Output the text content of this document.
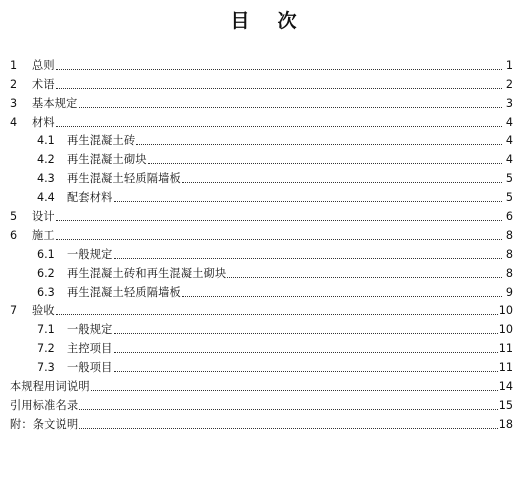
目次
1	总则	1
2	术语	2
3	基本规定	3
4	材料	4
4.1	再生混凝土砖	4
4.2	再生混凝土砌块	4
4.3	再生混凝土轻质隔墙板	5
4.4	配套材料	5
5	设计	6
6	施工	8
6.1	一般规定	8
6.2	再生混凝土砖和再生混凝土砌块	8
6.3	再生混凝土轻质隔墙板	9
7	验收	10
7.1	一般规定	10
7.2	主控项目	11
7.3	一般项目	11
本规程用词说明	14
引用标准名录	15
附：条文说明	18
